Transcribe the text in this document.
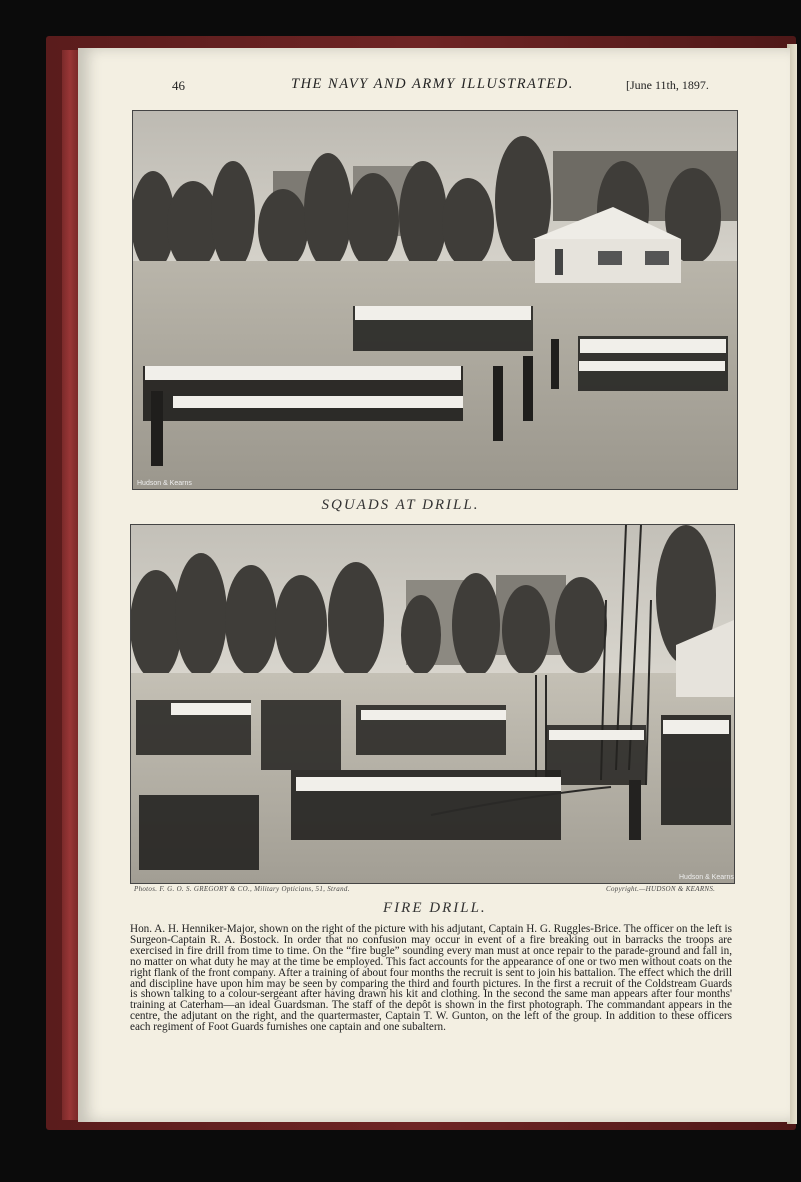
46	THE NAVY AND ARMY ILLUSTRATED.	[June 11th, 1897.
Hudson & Kearns
SQUADS AT DRILL.
Hudson & Kearns
Photos. F. G. O. S. GREGORY & CO., Military Opticians, 51, Strand.	Copyright.—HUDSON & KEARNS.
FIRE DRILL.
Hon. A. H. Henniker-Major, shown on the right of the picture with his adjutant, Captain H. G. Ruggles-Brice. The officer on the left is Surgeon-Captain R. A. Bostock. In order that no confusion may occur in event of a fire breaking out in barracks the troops are exercised in fire drill from time to time. On the “fire bugle” sounding every man must at once repair to the parade-ground and fall in, no matter on what duty he may at the time be employed. This fact accounts for the appearance of one or two men without coats on the right flank of the front company. After a training of about four months the recruit is sent to join his battalion. The effect which the drill and discipline have upon him may be seen by comparing the third and fourth pictures. In the first a recruit of the Coldstream Guards is shown talking to a colour-sergeant after having drawn his kit and clothing. In the second the same man appears after four months' training at Caterham—an ideal Guardsman. The staff of the depôt is shown in the first photograph. The commandant appears in the centre, the adjutant on the right, and the quartermaster, Captain T. W. Gunton, on the left of the group. In addition to these officers each regiment of Foot Guards furnishes one captain and one subaltern.
